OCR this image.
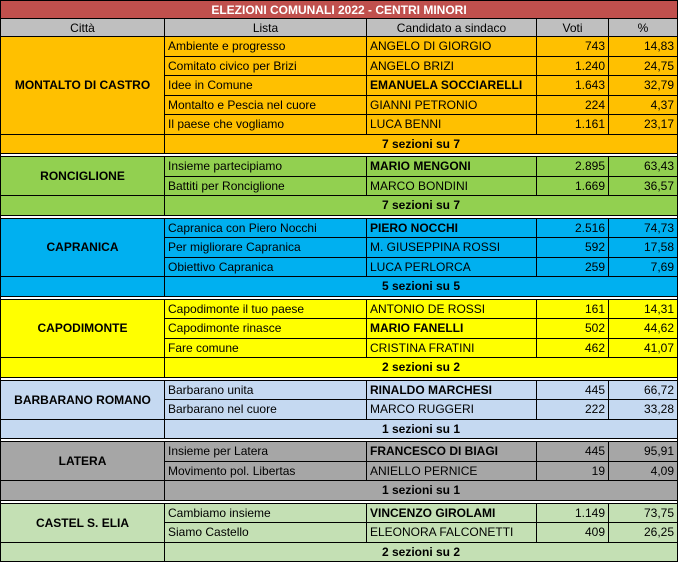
ELEZIONI COMUNALI 2022 - CENTRI MINORI				
Città	Lista	Candidato a sindaco	Voti	%
MONTALTO DI CASTRO	Ambiente e progresso	ANGELO DI GIORGIO	743	14,83
	Comitato civico per Brizi	ANGELO BRIZI	1.240	24,75
	Idee in Comune	EMANUELA SOCCIARELLI	1.643	32,79
	Montalto e Pescia nel cuore	GIANNI PETRONIO	224	4,37
	Il paese che vogliamo	LUCA BENNI	1.161	23,17
	7 sezioni su 7			

RONCIGLIONE	Insieme partecipiamo	MARIO MENGONI	2.895	63,43
	Battiti per Ronciglione	MARCO BONDINI	1.669	36,57
	7 sezioni su 7			

CAPRANICA	Capranica con Piero Nocchi	PIERO NOCCHI	2.516	74,73
	Per migliorare Capranica	M. GIUSEPPINA ROSSI	592	17,58
	Obiettivo Capranica	LUCA PERLORCA	259	7,69
	5 sezioni su 5			

CAPODIMONTE	Capodimonte il tuo paese	ANTONIO DE ROSSI	161	14,31
	Capodimonte rinasce	MARIO FANELLI	502	44,62
	Fare comune	CRISTINA FRATINI	462	41,07
	2 sezioni su 2			

BARBARANO ROMANO	Barbarano unita	RINALDO MARCHESI	445	66,72
	Barbarano nel cuore	MARCO RUGGERI	222	33,28
	1 sezioni su 1			

LATERA	Insieme per Latera	FRANCESCO DI BIAGI	445	95,91
	Movimento pol. Libertas	ANIELLO PERNICE	19	4,09
	1 sezioni su 1			

CASTEL S. ELIA	Cambiamo insieme	VINCENZO GIROLAMI	1.149	73,75
	Siamo Castello	ELEONORA FALCONETTI	409	26,25
	2 sezioni su 2			
